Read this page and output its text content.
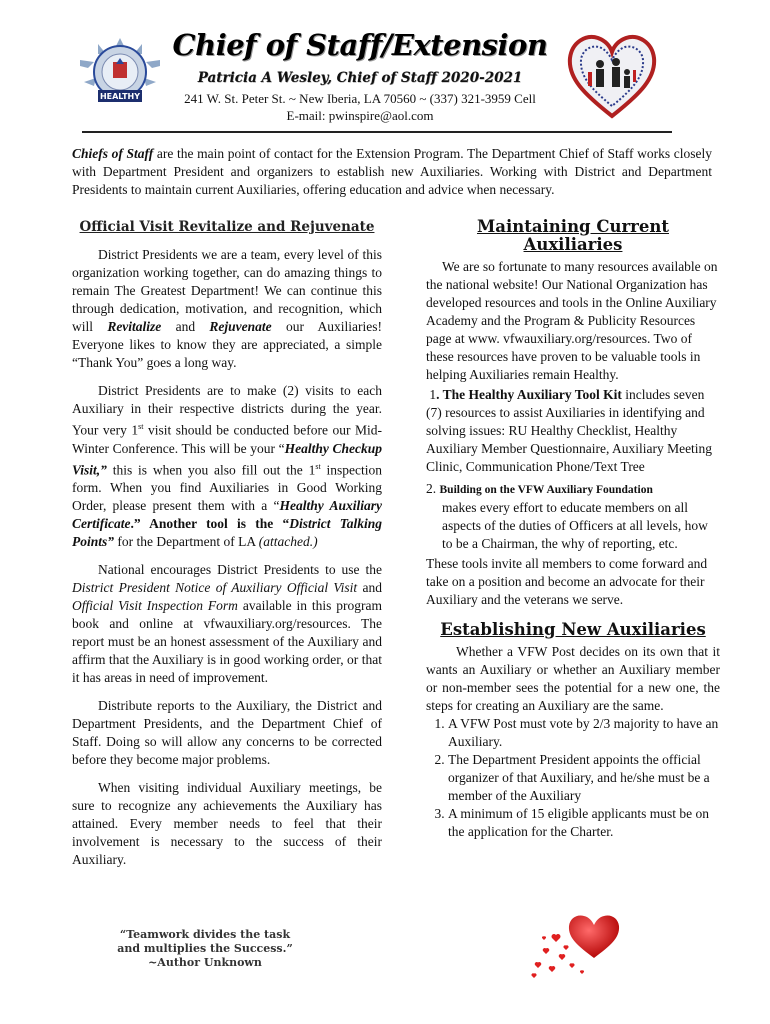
HEALTHY
Chief of Staff/Extension
Patricia A Wesley, Chief of Staff 2020-2021
241 W. St. Peter St. ~ New Iberia, LA 70560 ~ (337) 321-3959 Cell
E-mail: pwinspire@aol.com
Chiefs of Staff are the main point of contact for the Extension Program. The Department Chief of Staff works closely with Department President and organizers to establish new Auxiliaries. Working with District and Department Presidents to maintain current Auxiliaries, offering education and advice when necessary.
Official Visit Revitalize and Rejuvenate

District Presidents we are a team, every level of this organization working together, can do amazing things to remain The Greatest Department! We can continue this through dedication, motivation, and recognition, which will Revitalize and Rejuvenate our Auxiliaries! Everyone likes to know they are appreciated, a simple “Thank You” goes a long way.

District Presidents are to make (2) visits to each Auxiliary in their respective districts during the year. Your very 1st visit should be conducted before our Mid-Winter Conference. This will be your “Healthy Checkup Visit,” this is when you also fill out the 1st inspection form. When you find Auxiliaries in Good Working Order, please present them with a “Healthy Auxiliary Certificate.” Another tool is the “District Talking Points” for the Department of LA (attached.)

National encourages District Presidents to use the District President Notice of Auxiliary Official Visit and Official Visit Inspection Form available in this program book and online at vfwauxiliary.org/resources. The report must be an honest assessment of the Auxiliary and affirm that the Auxiliary is in good working order, or that it has areas in need of improvement.

Distribute reports to the Auxiliary, the District and Department Presidents, and the Department Chief of Staff. Doing so will allow any concerns to be corrected before they become major problems.

When visiting individual Auxiliary meetings, be sure to recognize any achievements the Auxiliary has attained. Every member needs to feel that their involvement is necessary to the success of their Auxiliary.

Maintaining Current Auxiliaries

We are so fortunate to many resources available on the national website! Our National Organization has developed resources and tools in the Online Auxiliary Academy and the Program & Publicity Resources page at www. vfwauxiliary.org/resources. Two of these resources have proven to be valuable tools in helping Auxiliaries remain Healthy.

1. The Healthy Auxiliary Tool Kit includes seven (7) resources to assist Auxiliaries in identifying and solving issues: RU Healthy Checklist, Healthy Auxiliary Member Questionnaire, Auxiliary Meeting Clinic, Communication Phone/Text Tree

2. Building on the VFW Auxiliary Foundation

makes every effort to educate members on all aspects of the duties of Officers at all levels, how to be a Chairman, the why of reporting, etc.

These tools invite all members to come forward and take on a position and become an advocate for their Auxiliary and the veterans we serve.

Establishing New Auxiliaries

Whether a VFW Post decides on its own that it wants an Auxiliary or whether an Auxiliary member or non-member sees the potential for a new one, the steps for creating an Auxiliary are the same.

1. A VFW Post must vote by 2/3 majority to have an Auxiliary.
2. The Department President appoints the official organizer of that Auxiliary, and he/she must be a member of the Auxiliary
3. A minimum of 15 eligible applicants must be on the application for the Charter.
“Teamwork divides the task
and multiplies the Success.”
~Author Unknown
